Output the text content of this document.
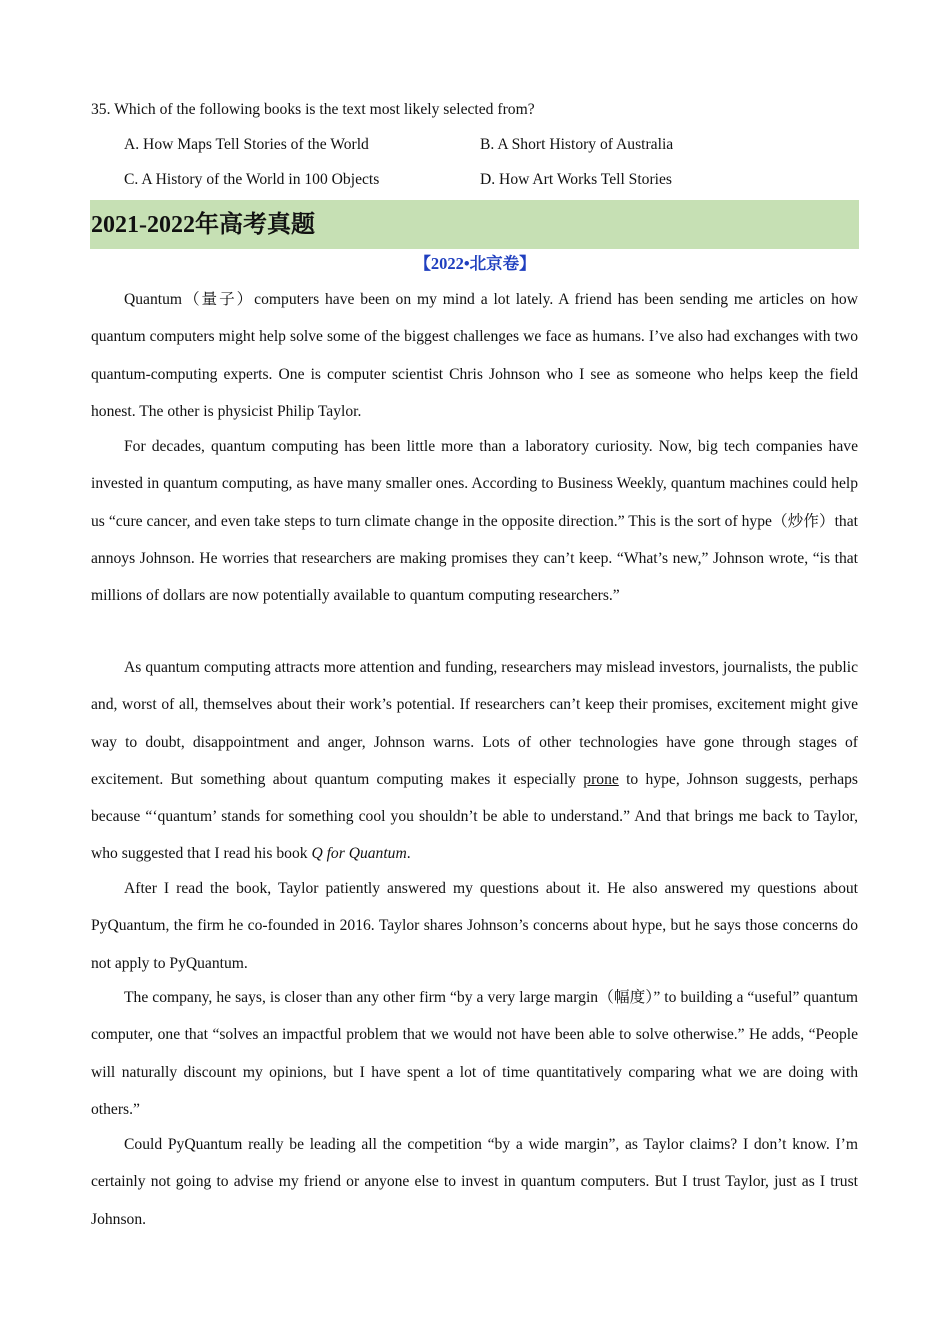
35. Which of the following books is the text most likely selected from?
A. How Maps Tell Stories of the World	B. A Short History of Australia
C. A History of the World in 100 Objects	D. How Art Works Tell Stories
2021-2022年高考真题
【2022•北京卷】

Quantum（量子）computers have been on my mind a lot lately. A friend has been sending me articles on how quantum computers might help solve some of the biggest challenges we face as humans. I’ve also had exchanges with two quantum-computing experts. One is computer scientist Chris Johnson who I see as someone who helps keep the field honest. The other is physicist Philip Taylor.

For decades, quantum computing has been little more than a laboratory curiosity. Now, big tech companies have invested in quantum computing, as have many smaller ones. According to Business Weekly, quantum machines could help us “cure cancer, and even take steps to turn climate change in the opposite direction.” This is the sort of hype（炒作）that annoys Johnson. He worries that researchers are making promises they can’t keep. “What’s new,” Johnson wrote, “is that millions of dollars are now potentially available to quantum computing researchers.”

As quantum computing attracts more attention and funding, researchers may mislead investors, journalists, the public and, worst of all, themselves about their work’s potential. If researchers can’t keep their promises, excitement might give way to doubt, disappointment and anger, Johnson warns. Lots of other technologies have gone through stages of excitement. But something about quantum computing makes it especially prone to hype, Johnson suggests, perhaps because “‘quantum’ stands for something cool you shouldn’t be able to understand.” And that brings me back to Taylor, who suggested that I read his book Q for Quantum.

After I read the book, Taylor patiently answered my questions about it. He also answered my questions about PyQuantum, the firm he co-founded in 2016. Taylor shares Johnson’s concerns about hype, but he says those concerns do not apply to PyQuantum.

The company, he says, is closer than any other firm “by a very large margin（幅度）” to building a “useful” quantum computer, one that “solves an impactful problem that we would not have been able to solve otherwise.” He adds, “People will naturally discount my opinions, but I have spent a lot of time quantitatively comparing what we are doing with others.”

Could PyQuantum really be leading all the competition “by a wide margin”, as Taylor claims? I don’t know. I’m certainly not going to advise my friend or anyone else to invest in quantum computers. But I trust Taylor, just as I trust Johnson.
